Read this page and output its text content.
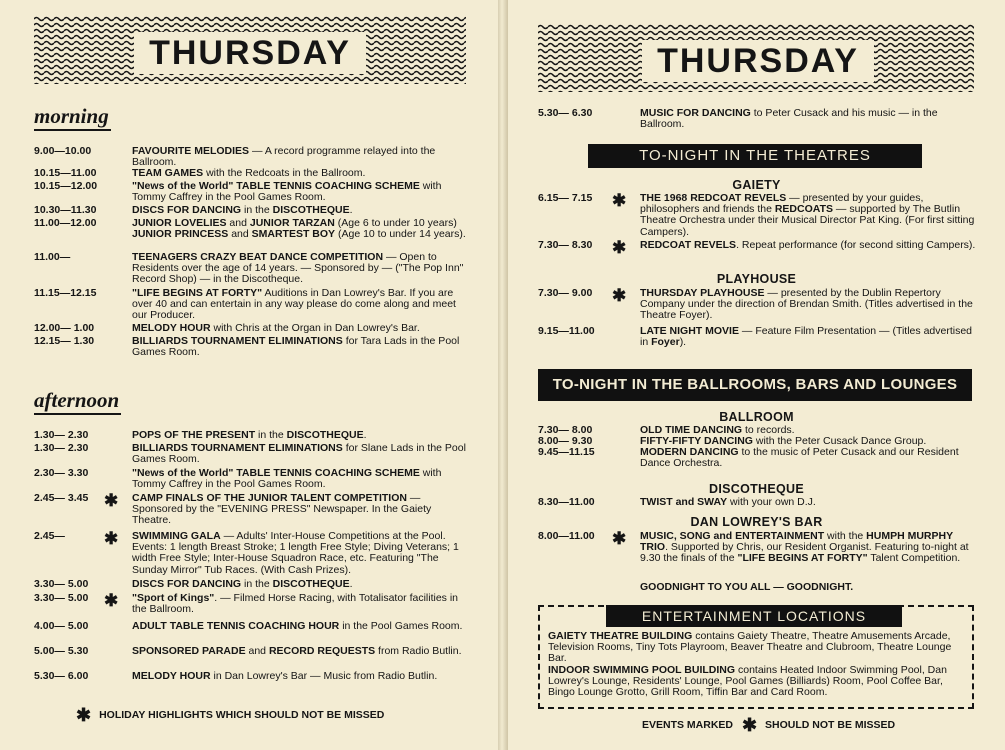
THURSDAY
morning
9.00—10.00	FAVOURITE MELODIES — A record programme relayed into the Ballroom.
10.15—11.00	TEAM GAMES with the Redcoats in the Ballroom.
10.15—12.00	"News of the World" TABLE TENNIS COACHING SCHEME with Tommy Caffrey in the Pool Games Room.
10.30—11.30	DISCS FOR DANCING in the DISCOTHEQUE.
11.00—12.00	JUNIOR LOVELIES and JUNIOR TARZAN (Age 6 to under 10 years) JUNIOR PRINCESS and SMARTEST BOY (Age 10 to under 14 years).
11.00—	TEENAGERS CRAZY BEAT DANCE COMPETITION — Open to Residents over the age of 14 years. — Sponsored by — ("The Pop Inn" Record Shop) — in the Discotheque.
11.15—12.15	"LIFE BEGINS AT FORTY" Auditions in Dan Lowrey's Bar. If you are over 40 and can entertain in any way please do come along and meet our Producer.
12.00— 1.00	MELODY HOUR with Chris at the Organ in Dan Lowrey's Bar.
12.15— 1.30	BILLIARDS TOURNAMENT ELIMINATIONS for Tara Lads in the Pool Games Room.
afternoon
1.30— 2.30	POPS OF THE PRESENT in the DISCOTHEQUE.
1.30— 2.30	BILLIARDS TOURNAMENT ELIMINATIONS for Slane Lads in the Pool Games Room.
2.30— 3.30	"News of the World" TABLE TENNIS COACHING SCHEME with Tommy Caffrey in the Pool Games Room.
2.45— 3.45 ✱ CAMP FINALS OF THE JUNIOR TALENT COMPETITION — Sponsored by the "EVENING PRESS" Newspaper. In the Gaiety Theatre.
2.45— ✱ SWIMMING GALA — Adults' Inter-House Competitions at the Pool. Events: 1 length Breast Stroke; 1 length Free Style; Diving Veterans; 1 width Free Style; Inter-House Squadron Race, etc. Featuring "The Sunday Mirror" Tub Races. (With Cash Prizes).
3.30— 5.00	DISCS FOR DANCING in the DISCOTHEQUE.
3.30— 5.00 ✱ "Sport of Kings". — Filmed Horse Racing, with Totalisator facilities in the Ballroom.
4.00— 5.00	ADULT TABLE TENNIS COACHING HOUR in the Pool Games Room.
5.00— 5.30	SPONSORED PARADE and RECORD REQUESTS from Radio Butlin.
5.30— 6.00	MELODY HOUR in Dan Lowrey's Bar — Music from Radio Butlin.
✱ HOLIDAY HIGHLIGHTS WHICH SHOULD NOT BE MISSED
THURSDAY
5.30— 6.30	MUSIC FOR DANCING to Peter Cusack and his music — in the Ballroom.
6.15— 7.15 ✱ THE 1968 REDCOAT REVELS — presented by your guides, philosophers and friends the REDCOATS — supported by The Butlin Theatre Orchestra under their Musical Director Pat King. (For first sitting Campers).
7.30— 8.30 ✱ REDCOAT REVELS. Repeat performance (for second sitting Campers).
7.30— 9.00 ✱ THURSDAY PLAYHOUSE — presented by the Dublin Repertory Company under the direction of Brendan Smith. (Titles advertised in the Theatre Foyer).
9.15—11.00	LATE NIGHT MOVIE — Feature Film Presentation — (Titles advertised in Foyer).
7.30— 8.00	OLD TIME DANCING to records.
8.00— 9.30	FIFTY-FIFTY DANCING with the Peter Cusack Dance Group.
9.45—11.15	MODERN DANCING to the music of Peter Cusack and our Resident Dance Orchestra.
8.30—11.00	TWIST and SWAY with your own D.J.
8.00—11.00 ✱ MUSIC, SONG and ENTERTAINMENT with the HUMPH MURPHY TRIO. Supported by Chris, our Resident Organist. Featuring to-night at 9.30 the finals of the "LIFE BEGINS AT FORTY" Talent Competition.
TO-NIGHT IN THE THEATRES
GAIETY
PLAYHOUSE
TO-NIGHT IN THE BALLROOMS, BARS AND LOUNGES
BALLROOM
DISCOTHEQUE
DAN LOWREY'S BAR
GOODNIGHT TO YOU ALL — GOODNIGHT.
ENTERTAINMENT LOCATIONS
GAIETY THEATRE BUILDING contains Gaiety Theatre, Theatre Amusements Arcade, Television Rooms, Tiny Tots Playroom, Beaver Theatre and Clubroom, Theatre Lounge Bar.
INDOOR SWIMMING POOL BUILDING contains Heated Indoor Swimming Pool, Dan Lowrey's Lounge, Residents' Lounge, Pool Games (Billiards) Room, Pool Coffee Bar, Bingo Lounge Grotto, Grill Room, Tiffin Bar and Card Room.
EVENTS MARKED ✱ SHOULD NOT BE MISSED
